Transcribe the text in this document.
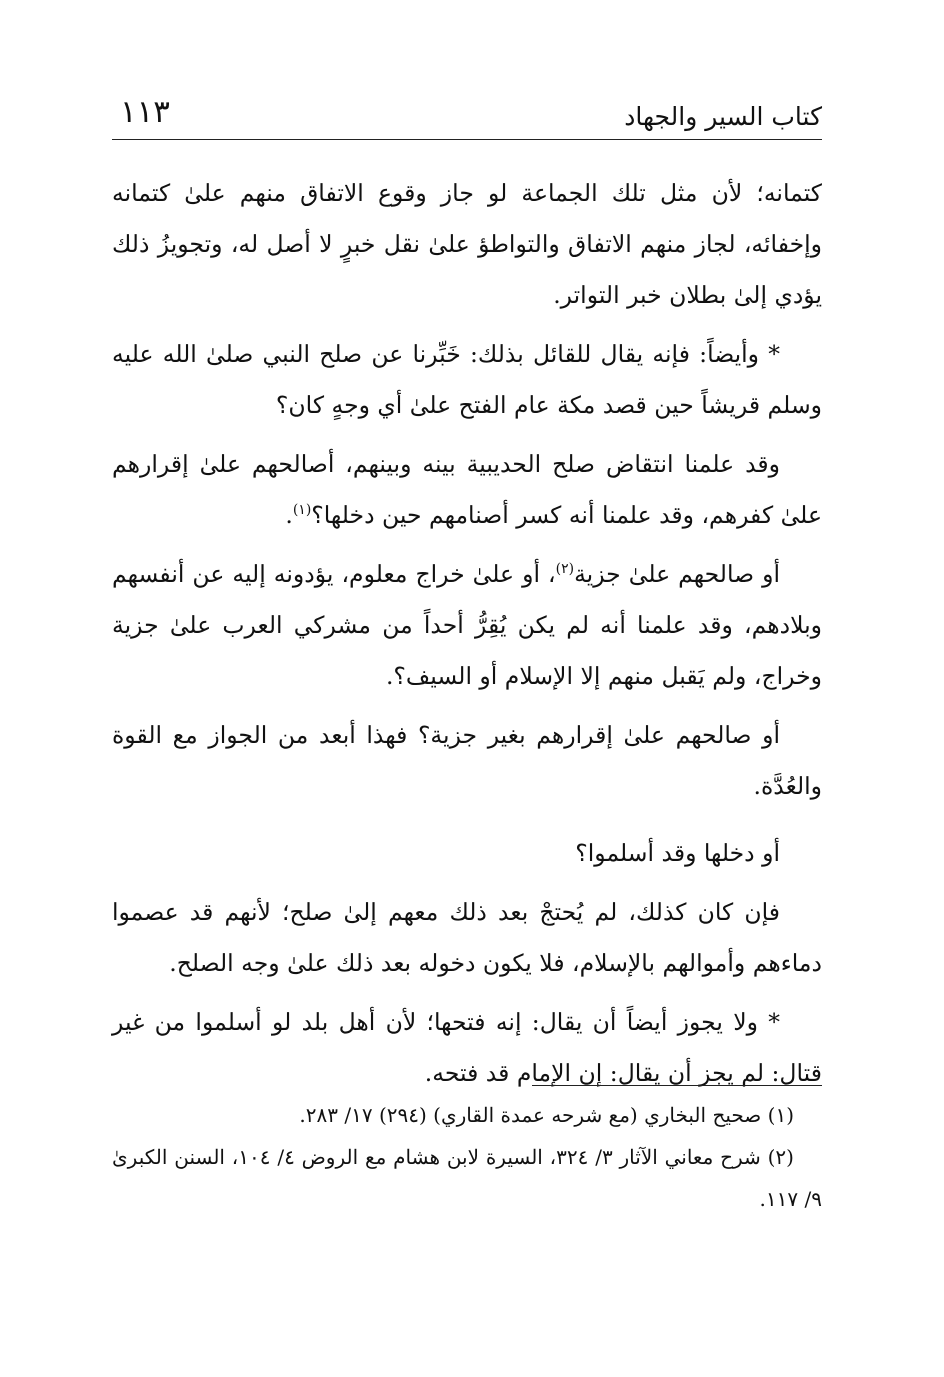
كتاب السير والجهاد
١١٣

كتمانه؛ لأن مثل تلك الجماعة لو جاز وقوع الاتفاق منهم علىٰ كتمانه وإخفائه، لجاز منهم الاتفاق والتواطؤ علىٰ نقل خبرٍ لا أصل له، وتجويزُ ذلك يؤدي إلىٰ بطلان خبر التواتر.

* وأيضاً: فإنه يقال للقائل بذلك: خَبِّرنا عن صلح النبي صلىٰ الله عليه وسلم قريشاً حين قصد مكة عام الفتح علىٰ أي وجهٍ كان؟

وقد علمنا انتقاض صلح الحديبية بينه وبينهم، أصالحهم علىٰ إقرارهم علىٰ كفرهم، وقد علمنا أنه كسر أصنامهم حين دخلها؟$^{(١)}$.

أو صالحهم علىٰ جزية$^{(٢)}$، أو علىٰ خراج معلوم، يؤدونه إليه عن أنفسهم وبلادهم، وقد علمنا أنه لم يكن يُقِرُّ أحداً من مشركي العرب علىٰ جزية وخراج، ولم يَقبل منهم إلا الإسلام أو السيف؟.

أو صالحهم علىٰ إقرارهم بغير جزية؟ فهذا أبعد من الجواز مع القوة والعُدَّة.

أو دخلها وقد أسلموا؟

فإن كان كذلك، لم يُحتجْ بعد ذلك معهم إلىٰ صلح؛ لأنهم قد عصموا دماءهم وأموالهم بالإسلام، فلا يكون دخوله بعد ذلك علىٰ وجه الصلح.

* ولا يجوز أيضاً أن يقال: إنه فتحها؛ لأن أهل بلد لو أسلموا من غير قتال: لم يجز أن يقال: إن الإمام قد فتحه.

(١) صحيح البخاري (مع شرحه عمدة القاري) (٢٩٤) ١٧/ ٢٨٣.

(٢) شرح معاني الآثار ٣/ ٣٢٤، السيرة لابن هشام مع الروض ٤/ ١٠٤، السنن الكبرىٰ ٩/ ١١٧.
